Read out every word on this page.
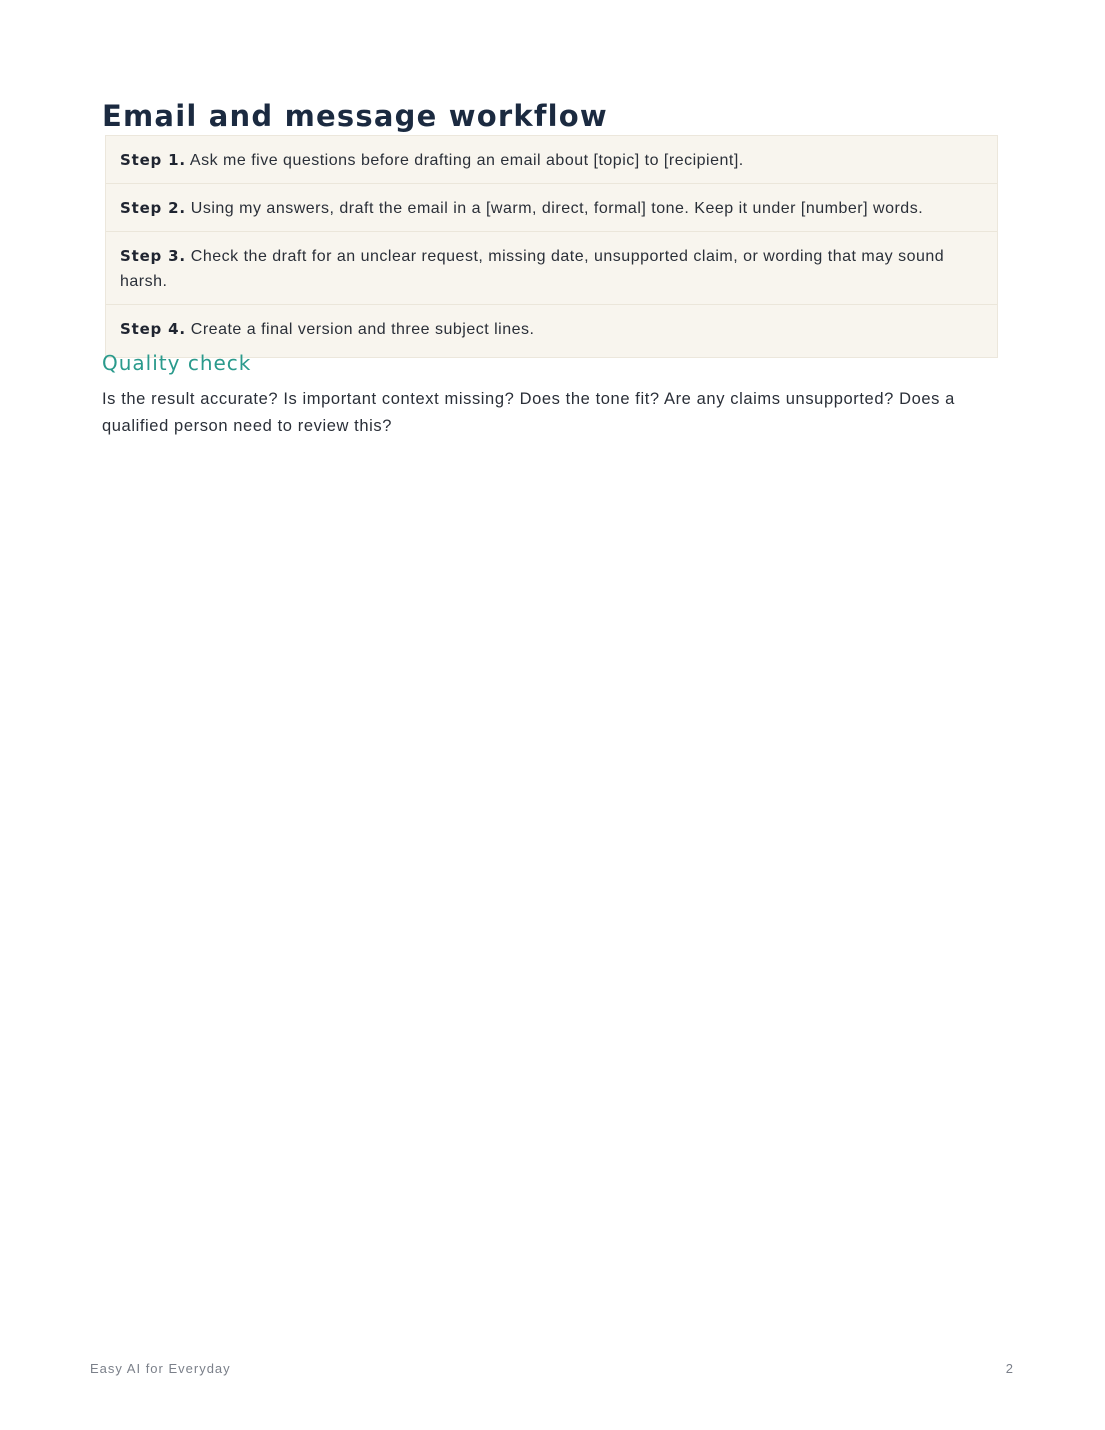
Email and message workflow
Step 1. Ask me five questions before drafting an email about [topic] to [recipient].
Step 2. Using my answers, draft the email in a [warm, direct, formal] tone. Keep it under [number] words.
Step 3. Check the draft for an unclear request, missing date, unsupported claim, or wording that may sound harsh.
Step 4. Create a final version and three subject lines.
Quality check

Is the result accurate? Is important context missing? Does the tone fit? Are any claims unsupported? Does a qualified person need to review this?

Easy AI for Everyday	2
